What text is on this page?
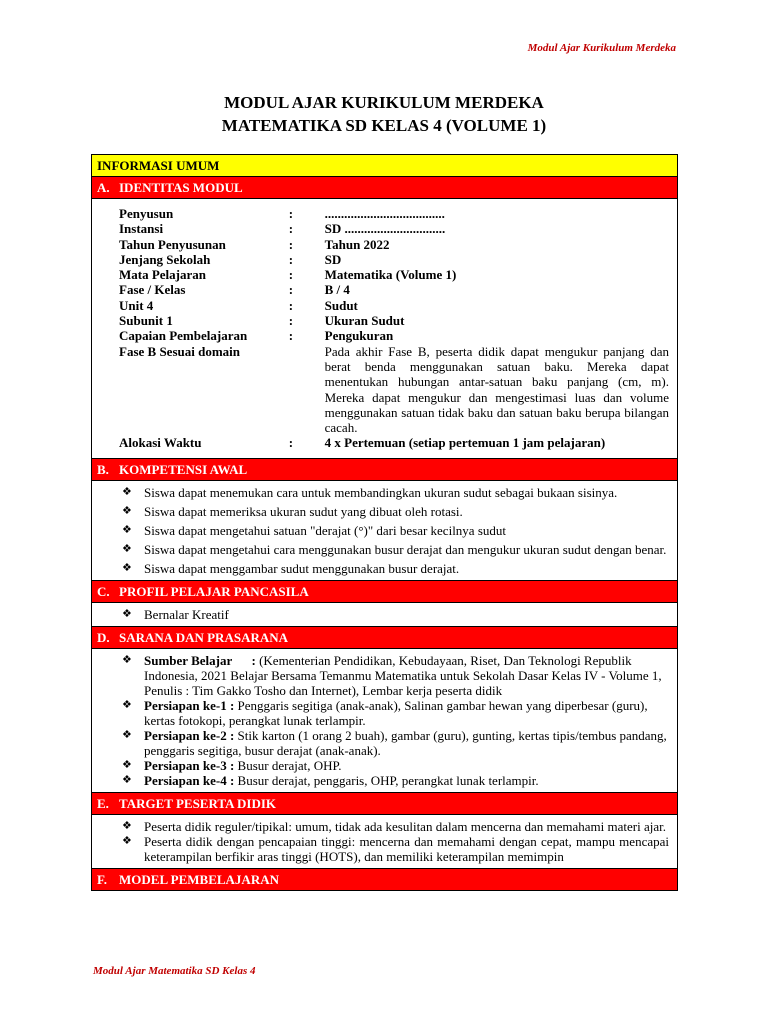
Modul Ajar Kurikulum Merdeka
MODUL AJAR KURIKULUM MERDEKA
MATEMATIKA SD KELAS 4 (VOLUME 1)
INFORMASI UMUM
A. IDENTITAS MODUL
Penyusun	:	.....................................
Instansi	:	SD ...............................
Tahun Penyusunan	:	Tahun 2022
Jenjang Sekolah	:	SD
Mata Pelajaran	:	Matematika (Volume 1)
Fase / Kelas	:	B / 4
Unit 4	:	Sudut
Subunit 1	:	Ukuran Sudut
Capaian Pembelajaran	:	Pengukuran
Fase B Sesuai domain	Pada akhir Fase B, peserta didik dapat mengukur panjang dan berat benda menggunakan satuan baku. Mereka dapat menentukan hubungan antar-satuan baku panjang (cm, m). Mereka dapat mengukur dan mengestimasi luas dan volume menggunakan satuan tidak baku dan satuan baku berupa bilangan cacah.
Alokasi Waktu	:	4 x Pertemuan (setiap pertemuan 1 jam pelajaran)
B. KOMPETENSI AWAL
❖ Siswa dapat menemukan cara untuk membandingkan ukuran sudut sebagai bukaan sisinya.
❖ Siswa dapat memeriksa ukuran sudut yang dibuat oleh rotasi.
❖ Siswa dapat mengetahui satuan "derajat (°)" dari besar kecilnya sudut
❖ Siswa dapat mengetahui cara menggunakan busur derajat dan mengukur ukuran sudut dengan benar.
❖ Siswa dapat menggambar sudut menggunakan busur derajat.
C. PROFIL PELAJAR PANCASILA
❖ Bernalar Kreatif
D. SARANA DAN PRASARANA
❖ Sumber Belajar      : (Kementerian Pendidikan, Kebudayaan, Riset, Dan Teknologi Republik Indonesia, 2021 Belajar Bersama Temanmu Matematika untuk Sekolah Dasar Kelas IV - Volume 1, Penulis : Tim Gakko Tosho dan Internet), Lembar kerja peserta didik
❖ Persiapan ke-1 : Penggaris segitiga (anak-anak), Salinan gambar hewan yang diperbesar (guru), kertas fotokopi, perangkat lunak terlampir.
❖ Persiapan ke-2 : Stik karton (1 orang 2 buah), gambar (guru), gunting, kertas tipis/tembus pandang, penggaris segitiga, busur derajat (anak-anak).
❖ Persiapan ke-3 : Busur derajat, OHP.
❖ Persiapan ke-4 : Busur derajat, penggaris, OHP, perangkat lunak terlampir.
E. TARGET PESERTA DIDIK
❖ Peserta didik reguler/tipikal: umum, tidak ada kesulitan dalam mencerna dan memahami materi ajar.
❖ Peserta didik dengan pencapaian tinggi: mencerna dan memahami dengan cepat, mampu mencapai keterampilan berfikir aras tinggi (HOTS), dan memiliki keterampilan memimpin
F. MODEL PEMBELAJARAN
Modul Ajar Matematika SD Kelas 4
